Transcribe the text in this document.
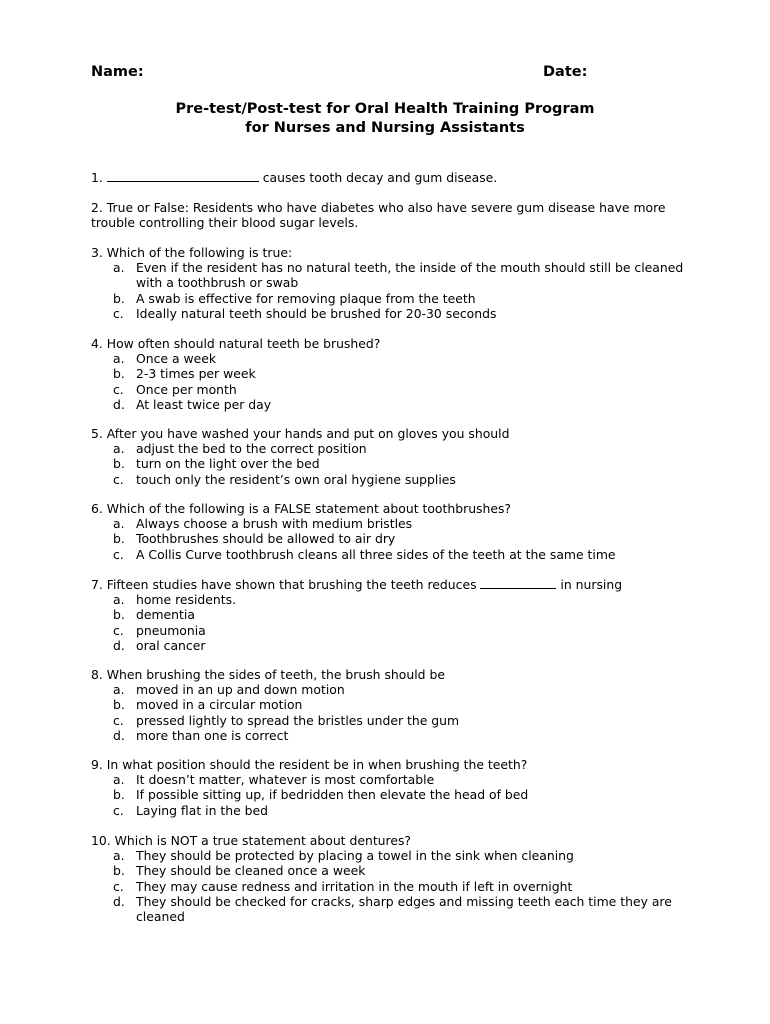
Name:	Date:
Pre-test/Post-test for Oral Health Training Program
for Nurses and Nursing Assistants

1.	causes tooth decay and gum disease.

2. True or False: Residents who have diabetes who also have severe gum disease have more trouble controlling their blood sugar levels.

3. Which of the following is true:

a. Even if the resident has no natural teeth, the inside of the mouth should still be cleaned with a toothbrush or swab
b. A swab is effective for removing plaque from the teeth
c. Ideally natural teeth should be brushed for 20-30 seconds

4. How often should natural teeth be brushed?

a. Once a week
b. 2-3 times per week
c. Once per month
d. At least twice per day

5. After you have washed your hands and put on gloves you should

a. adjust the bed to the correct position
b. turn on the light over the bed
c. touch only the resident’s own oral hygiene supplies

6. Which of the following is a FALSE statement about toothbrushes?

a. Always choose a brush with medium bristles
b. Toothbrushes should be allowed to air dry
c. A Collis Curve toothbrush cleans all three sides of the teeth at the same time

7. Fifteen studies have shown that brushing the teeth reduces	in nursing

a. home residents.
b. dementia
c. pneumonia
d. oral cancer

8. When brushing the sides of teeth, the brush should be

a. moved in an up and down motion
b. moved in a circular motion
c. pressed lightly to spread the bristles under the gum
d. more than one is correct

9. In what position should the resident be in when brushing the teeth?

a. It doesn’t matter, whatever is most comfortable
b. If possible sitting up, if bedridden then elevate the head of bed
c. Laying flat in the bed

10. Which is NOT a true statement about dentures?

a. They should be protected by placing a towel in the sink when cleaning
b. They should be cleaned once a week
c. They may cause redness and irritation in the mouth if left in overnight
d. They should be checked for cracks, sharp edges and missing teeth each time they are cleaned
